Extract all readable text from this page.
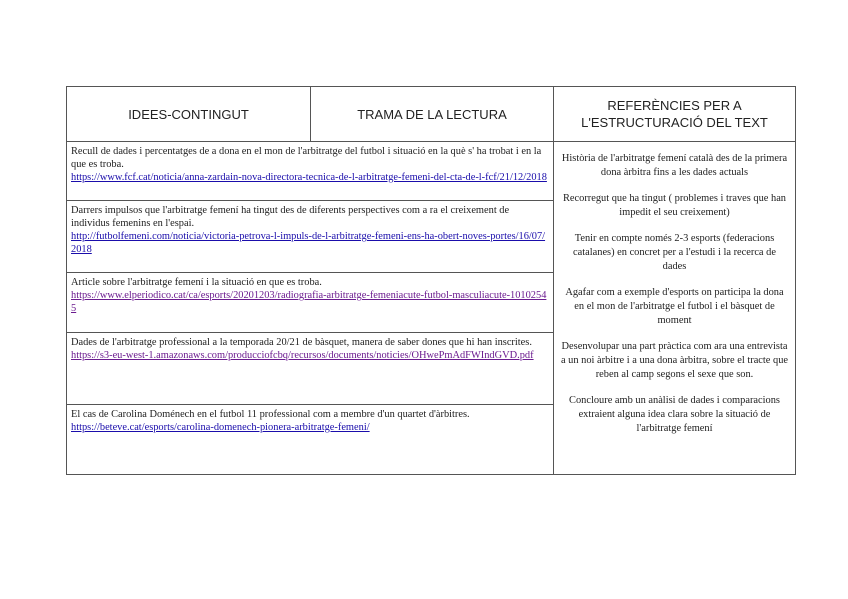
IDEES-CONTINGUT	TRAMA DE LA LECTURA
REFERÈNCIES PER A L'ESTRUCTURACIÓ DEL TEXT
Recull de dades i percentatges de a dona en el mon de l'arbitratge del futbol i situació en la què s' ha trobat i en la que es troba.
https://www.fcf.cat/noticia/anna-zardain-nova-directora-tecnica-de-l-arbitratge-femeni-del-cta-de-l-fcf/21/12/2018
Darrers impulsos que l'arbitratge femení ha tingut des de diferents perspectives com a ra el creixement de individus femenins en l'espai.
http://futbolfemeni.com/noticia/victoria-petrova-l-impuls-de-l-arbitratge-femeni-ens-ha-obert-noves-portes/16/07/2018
Article sobre l'arbitratge femení i la situació en que es troba.
https://www.elperiodico.cat/ca/esports/20201203/radiografia-arbitratge-femeniacute-futbol-masculiacute-10102545
Dades de l'arbitratge professional a la temporada 20/21 de bàsquet, manera de saber dones que hi han inscrites.
https://s3-eu-west-1.amazonaws.com/producciofcbq/recursos/documents/noticies/OHwePmAdFWIndGVD.pdf
El cas de Carolina Doménech en el futbol 11 professional com a membre d'un quartet d'àrbitres.
https://beteve.cat/esports/carolina-domenech-pionera-arbitratge-femeni/

Història de l'arbitratge femení català des de la primera dona àrbitra fins a les dades actuals

Recorregut que ha tingut ( problemes i traves que han impedit el seu creixement)

Tenir en compte només 2-3 esports (federacions catalanes) en concret per a l'estudi i la recerca de dades

Agafar com a exemple d'esports on participa la dona en el mon de l'arbitratge el futbol i el bàsquet de moment

Desenvolupar una part pràctica com ara una entrevista a un noi àrbitre i a una dona àrbitra, sobre el tracte que reben al camp segons el sexe que son.

Concloure amb un anàlisi de dades i comparacions extraient alguna idea clara sobre la situació de l'arbitratge femení
